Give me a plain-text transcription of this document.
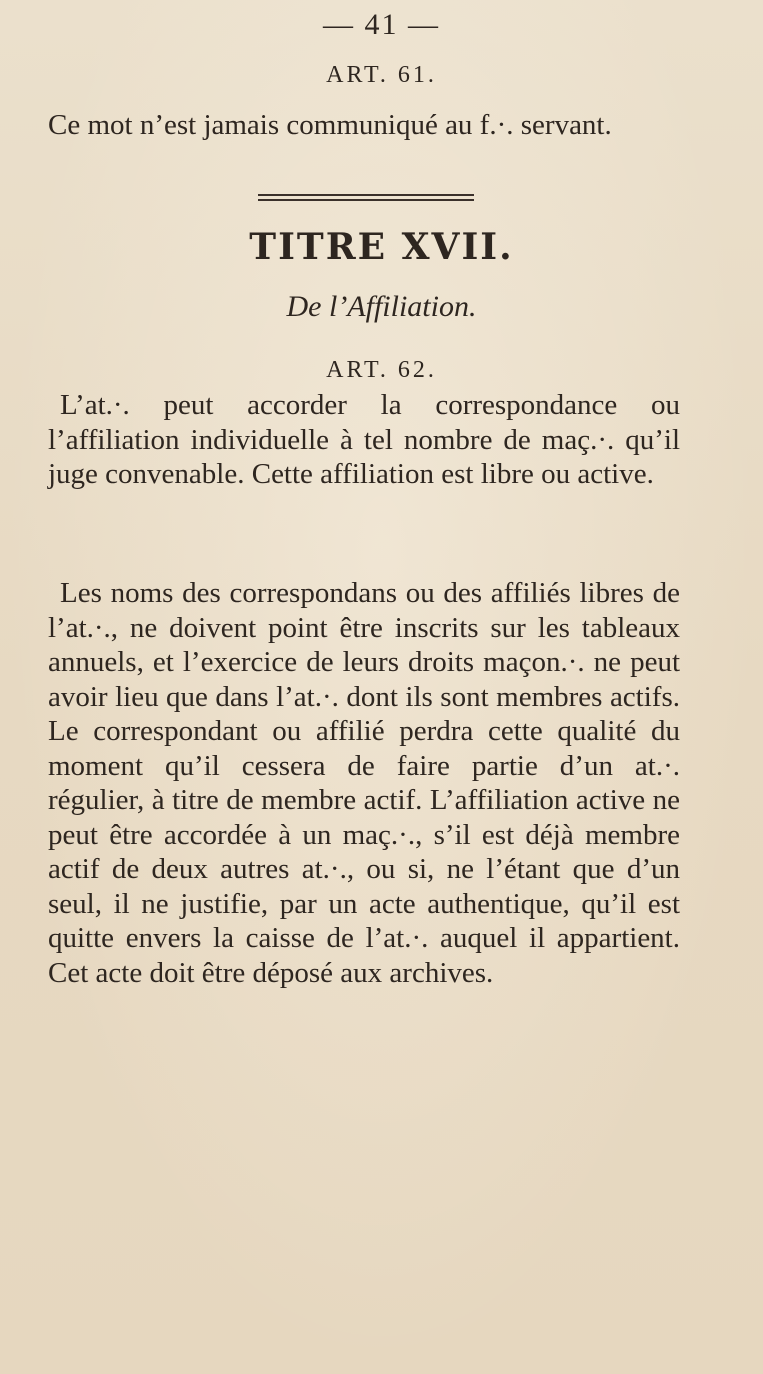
— 41 —
ART. 61.

Ce mot n’est jamais communiqué au f.·. servant.

TITRE XVII.
De l’Affiliation.
ART. 62.

L’at.·. peut accorder la correspondance ou l’affiliation individuelle à tel nombre de maç.·. qu’il juge convenable. Cette affiliation est libre ou active.

Les noms des correspondans ou des affiliés libres de l’at.·., ne doivent point être inscrits sur les tableaux annuels, et l’exercice de leurs droits maçon.·. ne peut avoir lieu que dans l’at.·. dont ils sont membres actifs. Le correspondant ou affilié perdra cette qualité du moment qu’il cessera de faire partie d’un at.·. régulier, à titre de membre actif. L’affiliation active ne peut être accordée à un maç.·., s’il est déjà membre actif de deux autres at.·., ou si, ne l’étant que d’un seul, il ne justifie, par un acte authentique, qu’il est quitte envers la caisse de l’at.·. auquel il appartient. Cet acte doit être déposé aux archives.
